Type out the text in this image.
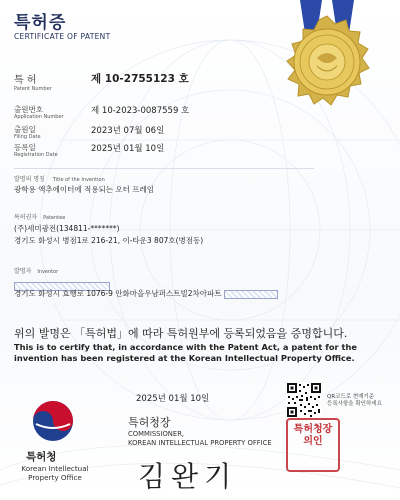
특허증
CERTIFICATE OF PATENT
특 허
Patent Number
제 10-2755123 호
출원번호
Application Number
제 10-2023-0087559 호
출원일
Filing Date
2023년 07월 06일
등록일
Registration Date
2025년 01월 10일
발명의 명칭 Title of the Invention
광학용 액추에이터에 적용되는 오터 프레임
특허권자 Patentee
(주)세미광전(134811-*******)
경기도 화성시 병점1로 216-21, 이-타운3 807호(병점동)
발명자 Inventor
경기도 화성시 효행로 1076-9 안화마을우남퍼스트빌2차아파트
위의 발명은 「특허법」에 따라 특허원부에 등록되었음을 증명합니다.
This is to certify that, in accordance with the Patent Act, a patent for the invention has been registered at the Korean Intellectual Property Office.
특허청
Korean Intellectual
Property Office
2025년 01월 10일
특허청장
COMMISSIONER,
KOREAN INTELLECTUAL PROPERTY OFFICE
김완기
특허청장의인
QR코드로 현재기준
등록사항을 확인하세요
